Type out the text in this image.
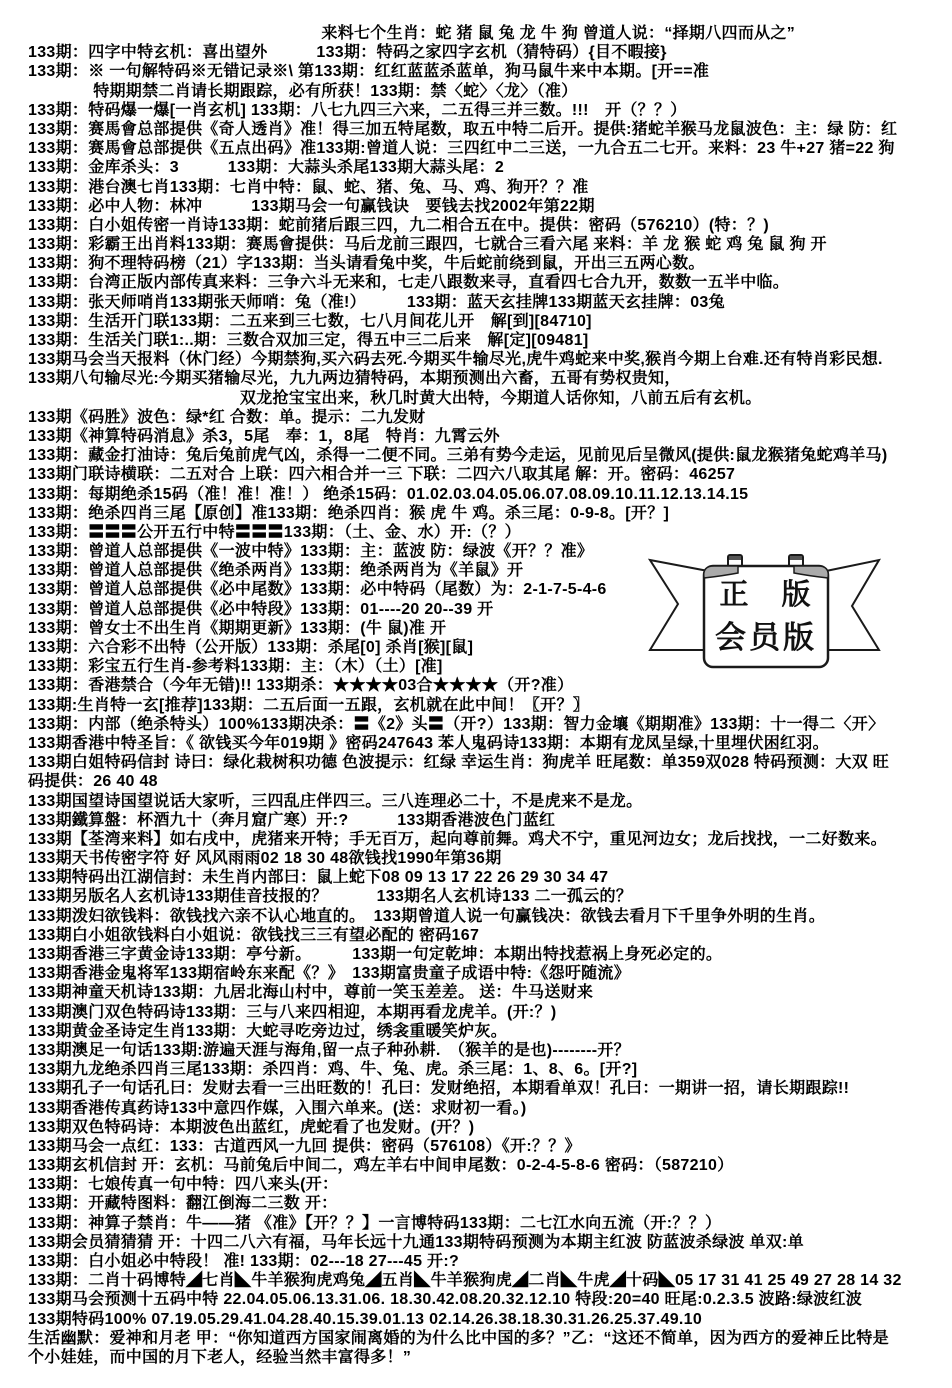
　　　　　　　　　　　　　　　　　　来料七个生肖：蛇 猪 鼠 兔 龙 牛 狗 曾道人说：“择期八四而从之”
133期：四字中特玄机：喜出望外　　　133期：特码之家四字玄机（猜特码）{目不暇接}
133期：※ 一句解特码※无错记录※\ 第133期：红红蓝蓝杀蓝单，狗马鼠牛来中本期。[开==准
　　　　特期期禁二肖请长期跟踪，必有所获！133期：禁〈蛇〉〈龙〉（准）
133期：特码爆一爆[一肖玄机] 133期：八七九四三六来，二五得三并三数。!!!　开（？？）
133期：赛馬會总部提供《奇人透肖》准！得三加五特尾数，取五中特二后开。提供:猪蛇羊猴马龙鼠波色：主：绿 防：红
133期：赛馬會总部提供《五点出码》准133期:曾道人说：三四红中二三送，一九合五二七开。来料：23 牛+27 猪=22 狗
133期：金库杀头：3　　　133期：大蒜头杀尾133期大蒜头尾：2
133期：港台澳七肖133期：七肖中特：鼠、蛇、猪、兔、马、鸡、狗开？？准
133期：必中人物：林冲　　　133期马会一句赢钱诀　要钱去找2002年第22期
133期：白小姐传密一肖诗133期：蛇前猪后跟三四，九二相合五在中。提供：密码（576210）(特：？)
133期：彩霸王出肖料133期：赛馬會提供：马后龙前三跟四，七就合三看六尾 来料：羊 龙 猴 蛇 鸡 兔 鼠 狗 开
133期：狗不理特码榜（21）字133期：当头请看兔中奖，牛后蛇前绕到鼠，开出三五两心数。
133期：台湾正版内部传真来料：三争六斗无来和，七走八跟数来寻，直看四七合九开，数数一五半中临。
133期：张天师哨肖133期张天师哨：兔（准!）　　　133期：蓝天玄挂牌133期蓝天玄挂牌：03兔
133期：生活开门联133期：二五来到三七数，七八月间花儿开　解[到][84710]
133期：生活关门联1:..期：三数合双加三定，得五中三二后来　解[定][09481]
133期马会当天报料（休门经）今期禁狗,买六码去死.今期买牛输尽光,虎牛鸡蛇来中奖,猴肖今期上台难.还有特肖彩民想.
133期八句输尽光:今期买猪输尽光，九九两边猜特码，本期预测出六畜，五哥有势权贵知，
　　　　　　　　　　　　　双龙抢宝宝出来，秋几时黄大出特，今期道人话你知，八前五后有玄机。
133期《码胜》波色：绿*红 合数：单。提示：二九发财
133期《神算特码消息》杀3，5尾　奉：1，8尾　特肖：九霄云外
133期：藏金打油诗：兔后兔前虎气凶，杀得一二便不同。三弟有势今走运，见前见后呈微风(提供:鼠龙猴猪兔蛇鸡羊马)
133期门联诗横联：二五对合 上联：四六相合并一三 下联：二四六八取其尾 解：开。密码：46257
133期：每期绝杀15码（准！准！准！） 绝杀15码：01.02.03.04.05.06.07.08.09.10.11.12.13.14.15
133期：绝杀四肖三尾【原创】准133期：绝杀四肖：猴 虎 牛 鸡。杀三尾：0-9-8。[开？]
133期：〓〓〓公开五行中特〓〓〓133期：（土、金、水）开:（？）
133期：曾道人总部提供《一波中特》133期：主：蓝波 防：绿波《开？？准》
133期：曾道人总部提供《绝杀两肖》133期：绝杀两肖为《羊鼠》开
133期：曾道人总部提供《必中尾数》133期：必中特码（尾数）为：2-1-7-5-4-6
133期：曾道人总部提供《必中特段》133期：01----20 20--39 开
133期：曾女士不出生肖《期期更新》133期：(牛 鼠)准 开
133期：六合彩不出特（公开版）133期：杀尾[0] 杀肖[猴][鼠]
133期：彩宝五行生肖-参考料133期：主：（木）（土）[准]
133期：香港禁合（今年无错)!! 133期杀：★★★★03合★★★★（开?准）
133期:生肖特一玄[推荐]133期：二五后面一五跟，玄机就在此中间！〖开？〗
133期：内部（绝杀特头）100%133期决杀：〓《2》头〓（开?）133期：智力金壤《期期准》133期：十一得二〈开〉
133期香港中特圣旨：《 欲钱买今年019期 》密码247643 苯人鬼码诗133期：本期有龙凤呈绿,十里埋伏困红羽。
133期白姐特码信封 诗曰：绿化栽树积功德 色波提示：红绿 幸运生肖：狗虎羊 旺尾数：单359双028 特码预测：大双 旺
码提供：26 40 48
133期国望诗国望说话大家听，三四乱庄伴四三。三八连理必二十，不是虎来不是龙。
133期鐵算盤：杯酒九十（奔月窟广寒）开:?　　　133期香港波色门蓝红
133期【荃湾来料】如右戌中，虎猪来开特；手无百万，起向尊前舞。鸡犬不宁，重见河边女；龙后找找，一二好数来。
133期天书传密字符 好 风风雨雨02 18 30 48欲钱找1990年第36期
133期特码出江湖信封：未生肖内部曰：鼠上蛇下08 09 13 17 22 26 29 30 34 47
133期另版名人玄机诗133期佳音技报的？　　　133期名人玄机诗133 二一孤云的？
133期泼妇欲钱料：欲钱找六亲不认心地直的。　133期曾道人说一句赢钱决：欲钱去看月下千里争外明的生肖。
133期白小姐欲钱料白小姐说：欲钱找三三有望必配的 密码167
133期香港三字黄金诗133期：亭兮新。　　　133期一句定乾坤：本期出特找惹祸上身死必定的。
133期香港金鬼将军133期宿岭东来配《？》　133期富贵童子成语中特:《怨吁随流》
133期神童天机诗133期：九居北海山村中，尊前一笑玉差差。 送：牛马送财来
133期澳门双色特码诗133期：三与八来四相迎，本期再看龙虎羊。(开:？)
133期黄金圣诗定生肖133期：大蛇寻吃旁边过，绣衾重暖笑炉灰。
133期澳足一句话133期:游遍天涯与海角,留一点子种孙耕.　（猴羊的是也)--------开？
133期九龙绝杀四肖三尾133期：杀四肖：鸡、牛、兔、虎。杀三尾：1、8、6。[开?]
133期孔子一句话孔曰：发财去看一三出旺数的！孔曰：发财绝招，本期看单双！孔曰：一期讲一招，请长期跟踪!!
133期香港传真药诗133中意四作媒，入围六单来。(送：求财初一看。)
133期双色特码诗：本期波色出蓝红，虎蛇看了也发财。(开？)
133期马会一点红：133：古道西风一九回 提供：密码（576108）《开:？？》
133期玄机信封 开：玄机：马前兔后中间二，鸡左羊右中间申尾数：0-2-4-5-8-6 密码：（587210）
133期：七娘传真一句中特：四八来头(开：
133期：开藏特图料：翻江倒海二三数 开：
133期：神算子禁肖：牛——猪 《准》【开？？】一言博特码133期：二七江水向五流（开:？？）
133期会员猜猜猜 开：十四二八六有福，马年长远十九通133期特码预测为本期主红波 防蓝波杀绿波 单双:单
133期：白小姐必中特段！ 准! 133期：02---18 27---45 开:?
133期：二肖十码博特◢七肖◣牛羊猴狗虎鸡兔◢五肖◣牛羊猴狗虎◢二肖◣牛虎◢十码◣05 17 31 41 25 49 27 28 14 32
133期马会预测十五码中特 22.04.05.06.13.31.06. 18.30.42.08.20.32.12.10 特段:20=40 旺尾:0.2.3.5 波路:绿波红波
133期特码100% 07.19.05.29.41.04.28.40.15.39.01.13 02.14.26.38.18.30.31.26.25.37.49.10
生活幽默：爱神和月老 甲：“你知道西方国家闹离婚的为什么比中国的多？”乙：“这还不简单，因为西方的爱神丘比特是
个小娃娃，而中国的月下老人，经验当然丰富得多！”
正　版
会员版
